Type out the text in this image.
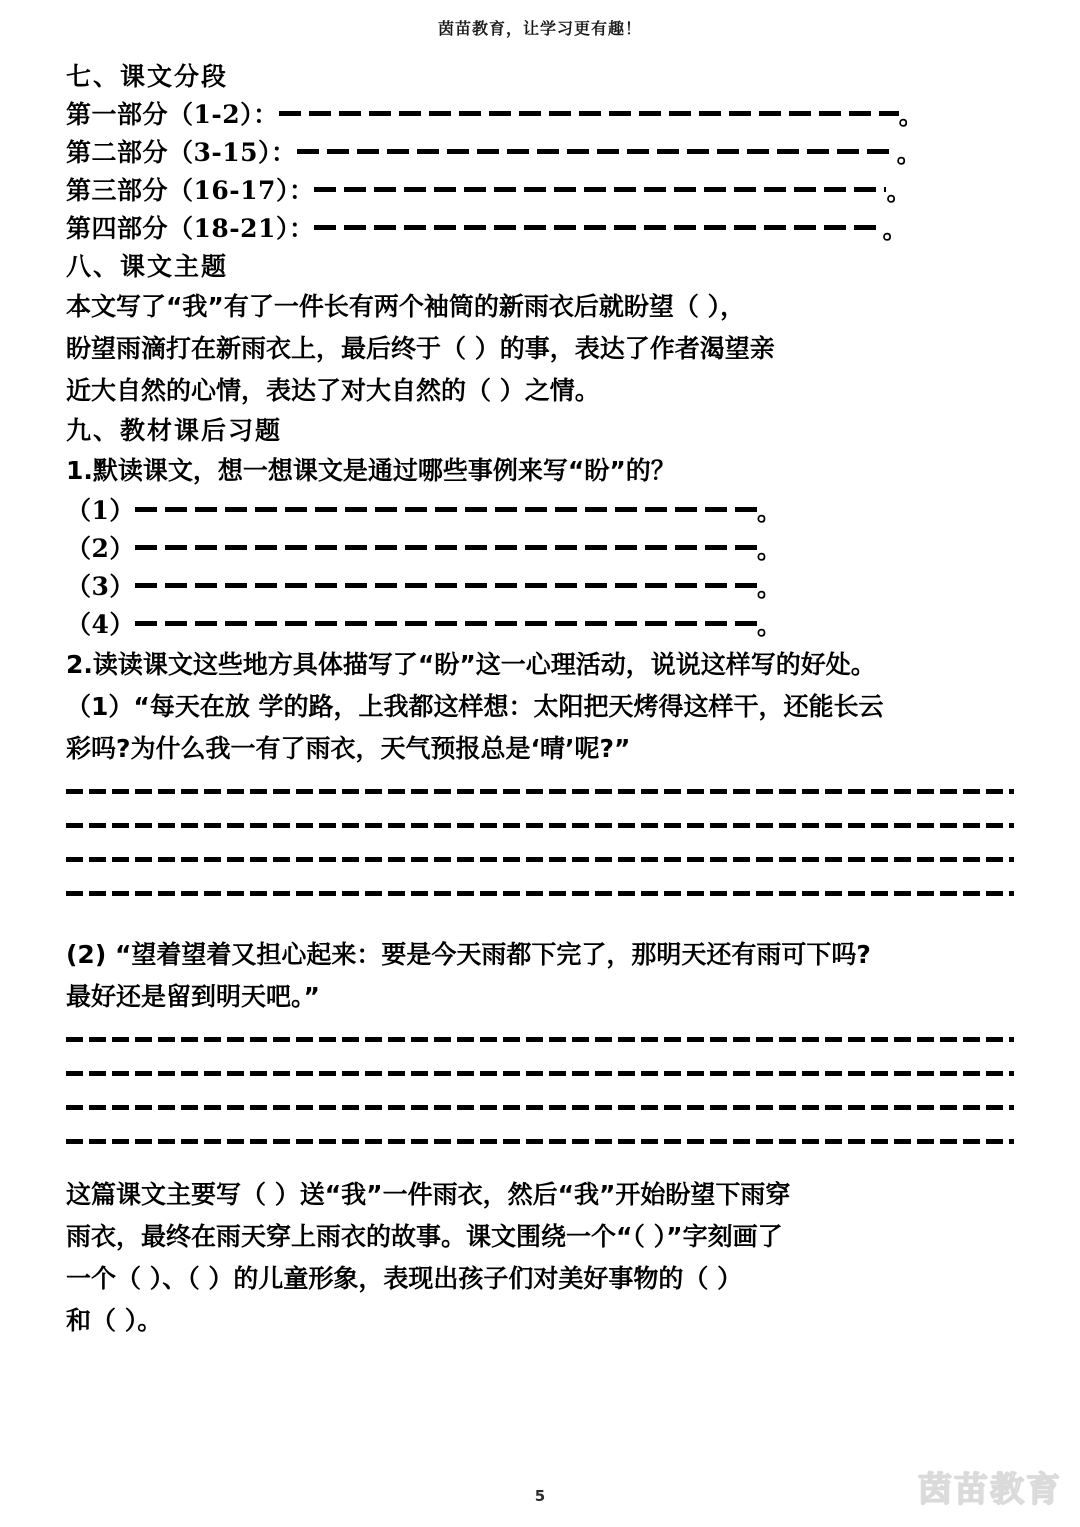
茵苗教育，让学习更有趣！
七、课文分段
第一部分（1-2）：	。
第二部分（3-15）：	。
第三部分（16-17）：	。
第四部分（18-21）：	。
八、课文主题
本文写了“我”有了一件长有两个袖筒的新雨衣后就盼望（ ），
盼望雨滴打在新雨衣上，最后终于（ ）的事，表达了作者渴望亲
近大自然的心情，表达了对大自然的（ ）之情。
九、教材课后习题
1.默读课文，想一想课文是通过哪些事例来写“盼”的？
（1）	。
（2）	。
（3）	。
（4）	。
2.读读课文这些地方具体描写了“盼”这一心理活动，说说这样写的好处。
（1）“每天在放 学的路，上我都这样想：太阳把天烤得这样干，还能长云
彩吗?为什么我一有了雨衣，天气预报总是‘晴’呢?”
(2) “望着望着又担心起来：要是今天雨都下完了，那明天还有雨可下吗?
最好还是留到明天吧。”
这篇课文主要写（ ）送“我”一件雨衣，然后“我”开始盼望下雨穿
雨衣，最终在雨天穿上雨衣的故事。课文围绕一个“（ ）”字刻画了
一个（ ）、（ ）的儿童形象，表现出孩子们对美好事物的（ ）
和（ ）。
5	茵苗教育
